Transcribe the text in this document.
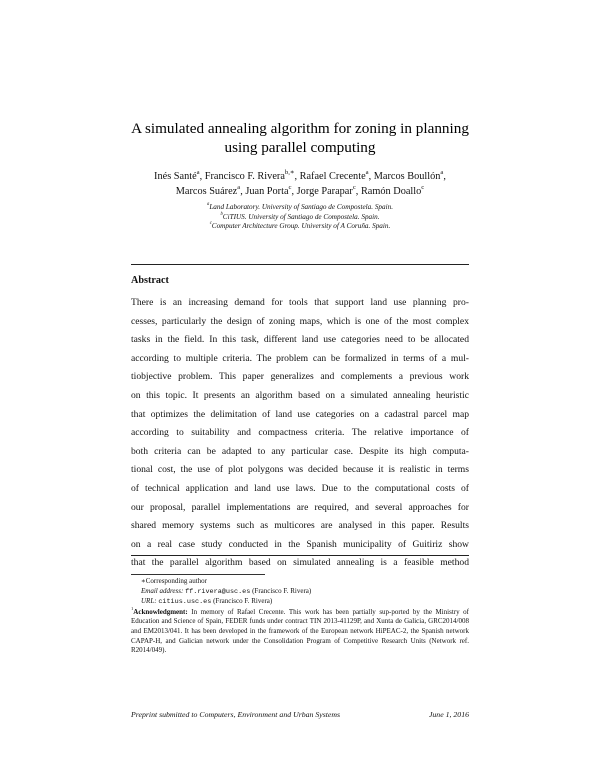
A simulated annealing algorithm for zoning in planning
using parallel computing
Inés Santé$^a$, Francisco F. Rivera$^{b,∗}$, Rafael Crecente$^a$, Marcos Boullón$^a$,
Marcos Suárez$^a$, Juan Porta$^c$, Jorge Parapar$^c$, Ramón Doallo$^c$
$^a$Land Laboratory. University of Santiago de Compostela. Spain.
$^b$CiTIUS. University of Santiago de Compostela. Spain.
$^c$Computer Architecture Group. University of A Coruña. Spain.
Abstract
There is an increasing demand for tools that support land use planning pro-
cesses, particularly the design of zoning maps, which is one of the most complex
tasks in the field. In this task, different land use categories need to be allocated
according to multiple criteria. The problem can be formalized in terms of a mul-
tiobjective problem. This paper generalizes and complements a previous work
on this topic. It presents an algorithm based on a simulated annealing heuristic
that optimizes the delimitation of land use categories on a cadastral parcel map
according to suitability and compactness criteria. The relative importance of
both criteria can be adapted to any particular case. Despite its high computa-
tional cost, the use of plot polygons was decided because it is realistic in terms
of technical application and land use laws. Due to the computational costs of
our proposal, parallel implementations are required, and several approaches for
shared memory systems such as multicores are analysed in this paper. Results
on a real case study conducted in the Spanish municipality of Guitiriz show
that the parallel algorithm based on simulated annealing is a feasible method

∗Corresponding author

Email address: ff.rivera@usc.es (Francisco F. Rivera)

URL: citius.usc.es (Francisco F. Rivera)

$^1$Acknowledgment: In memory of Rafael Crecente. This work has been partially sup-ported by the Ministry of Education and Science of Spain, FEDER funds under contract TIN 2013-41129P, and Xunta de Galicia, GRC2014/008 and EM2013/041. It has been developed in the framework of the European network HiPEAC-2, the Spanish network CAPAP-H, and Galician network under the Consolidation Program of Competitive Research Units (Network ref. R2014/049).

Preprint submitted to Computers, Environment and Urban Systems	June 1, 2016
